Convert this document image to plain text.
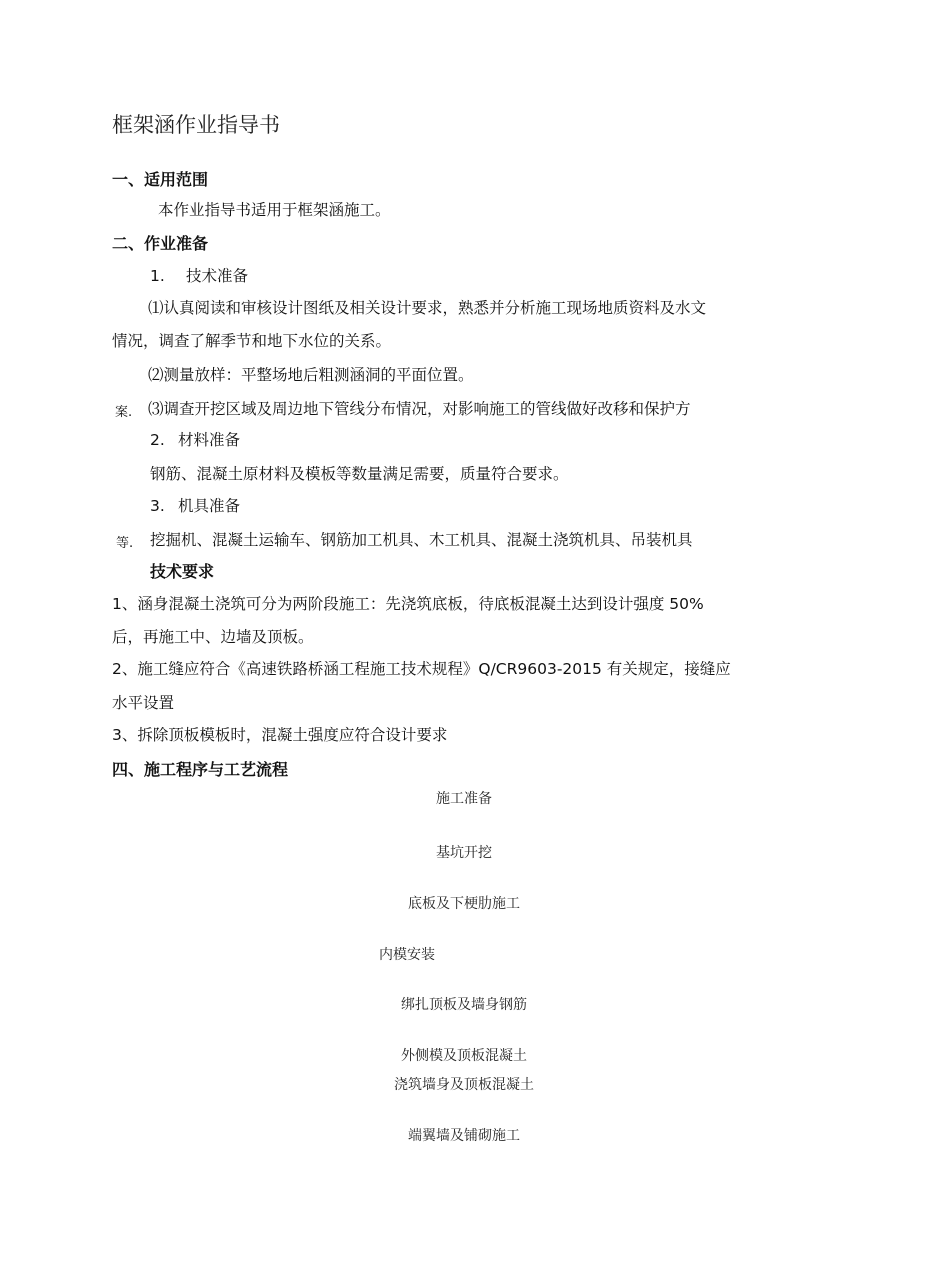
框架涵作业指导书
一、适用范围
本作业指导书适用于框架涵施工。
二、作业准备
1. 技术准备
⑴认真阅读和审核设计图纸及相关设计要求，熟悉并分析施工现场地质资料及水文
情况，调查了解季节和地下水位的关系。
⑵测量放样：平整场地后粗测涵洞的平面位置。
案. ⑶调查开挖区域及周边地下管线分布情况，对影响施工的管线做好改移和保护方
2. 材料准备
钢筋、混凝土原材料及模板等数量满足需要，质量符合要求。
3. 机具准备
等. 挖掘机、混凝土运输车、钢筋加工机具、木工机具、混凝土浇筑机具、吊装机具
技术要求
1、涵身混凝土浇筑可分为两阶段施工：先浇筑底板，待底板混凝土达到设计强度 50%
后，再施工中、边墙及顶板。
2、施工缝应符合《高速铁路桥涵工程施工技术规程》Q/CR9603-2015 有关规定，接缝应
水平设置
3、拆除顶板模板时，混凝土强度应符合设计要求
四、施工程序与工艺流程
施工准备
基坑开挖
底板及下梗肋施工
内模安装
绑扎顶板及墙身钢筋
外侧模及顶板混凝土
浇筑墙身及顶板混凝土
端翼墙及铺砌施工
